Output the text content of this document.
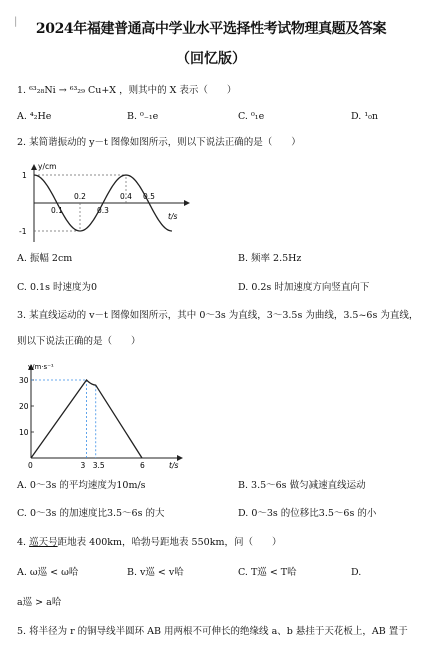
|	2024年福建普通高中学业水平选择性考试物理真题及答案
（回忆版）
1. ⁶³₂₈Ni → ⁶³₂₉ Cu+X ，则其中的 X 表示（　　）
A. ⁴₂He	B. ⁰₋₁e	C. ⁰₁e	D. ¹₀n
2. 某简谐振动的 y－t 图像如图所示，则以下说法正确的是（　　）
y/cm
t/s
1
-1
0.1
0.2
0.3
0.4 0.5
A. 振幅 2cm	B. 频率 2.5Hz
C. 0.1s 时速度为0	D. 0.2s 时加速度方向竖直向下
3. 某直线运动的 v－t 图像如图所示，其中 0～3s 为直线，3～3.5s 为曲线，3.5~6s 为直线，
则以下说法正确的是（　　）
v/m·s⁻¹
t/s
10
20
30
0	3 3.5	6
A. 0～3s 的平均速度为10m/s	B. 3.5～6s 做匀减速直线运动
C. 0～3s 的加速度比3.5～6s 的大	D. 0～3s 的位移比3.5～6s 的小
4. 巡天号距地表 400km，哈勃号距地表 550km，问（　　）
A. ω巡 < ω哈	B. v巡 < v哈	C. T巡 < T哈	D.
a巡 > a哈
5. 将半径为 r 的铜导线半圆环 AB 用两根不可伸长的绝缘线 a、b 悬挂于天花板上，AB 置于
